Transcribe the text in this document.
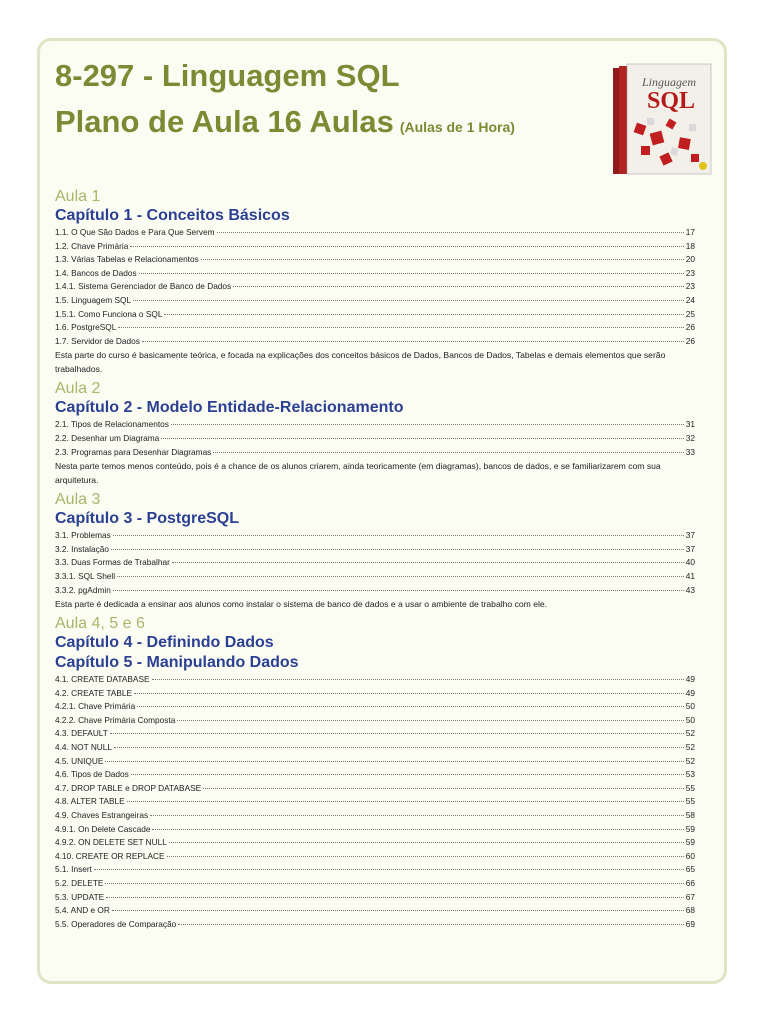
8-297 - Linguagem SQL
Plano de Aula 16 Aulas (Aulas de 1 Hora)
Linguagem
SQL
Aula 1
Capítulo 1 - Conceitos Básicos
1.1. O Que São Dados e Para Que Servem	17
1.2. Chave Primária	18
1.3. Várias Tabelas e Relacionamentos	20
1.4. Bancos de Dados	23
1.4.1. Sistema Gerenciador de Banco de Dados	23
1.5. Linguagem SQL	24
1.5.1. Como Funciona o SQL	25
1.6. PostgreSQL	26
1.7. Servidor de Dados	26

Esta parte do curso é basicamente teórica, e focada na explicações dos conceitos básicos de Dados, Bancos de Dados, Tabelas e demais elementos que serão trabalhados.

Aula 2
Capítulo 2 - Modelo Entidade-Relacionamento
2.1. Tipos de Relacionamentos	31
2.2. Desenhar um Diagrama	32
2.3. Programas para Desenhar Diagramas	33

Nesta parte temos menos conteúdo, pois é a chance de os alunos criarem, ainda teoricamente (em diagramas), bancos de dados, e se familiarizarem com sua arquitetura.

Aula 3
Capítulo 3 - PostgreSQL
3.1. Problemas	37
3.2. Instalação	37
3.3. Duas Formas de Trabalhar	40
3.3.1. SQL Shell	41
3.3.2. pgAdmin	43

Esta parte é dedicada a ensinar aos alunos como instalar o sistema de banco de dados e a usar o ambiente de trabalho com ele.

Aula 4, 5 e 6
Capítulo 4 - Definindo Dados
Capítulo 5 - Manipulando Dados
4.1. CREATE DATABASE	49
4.2. CREATE TABLE	49
4.2.1. Chave Primária	50
4.2.2. Chave Primária Composta	50
4.3. DEFAULT	52
4.4. NOT NULL	52
4.5. UNIQUE	52
4.6. Tipos de Dados	53
4.7. DROP TABLE e DROP DATABASE	55
4.8. ALTER TABLE	55
4.9. Chaves Estrangeiras	58
4.9.1. On Delete Cascade	59
4.9.2. ON DELETE SET NULL	59
4.10. CREATE OR REPLACE	60
5.1. Insert	65
5.2. DELETE	66
5.3. UPDATE	67
5.4. AND e OR	68
5.5. Operadores de Comparação	69
